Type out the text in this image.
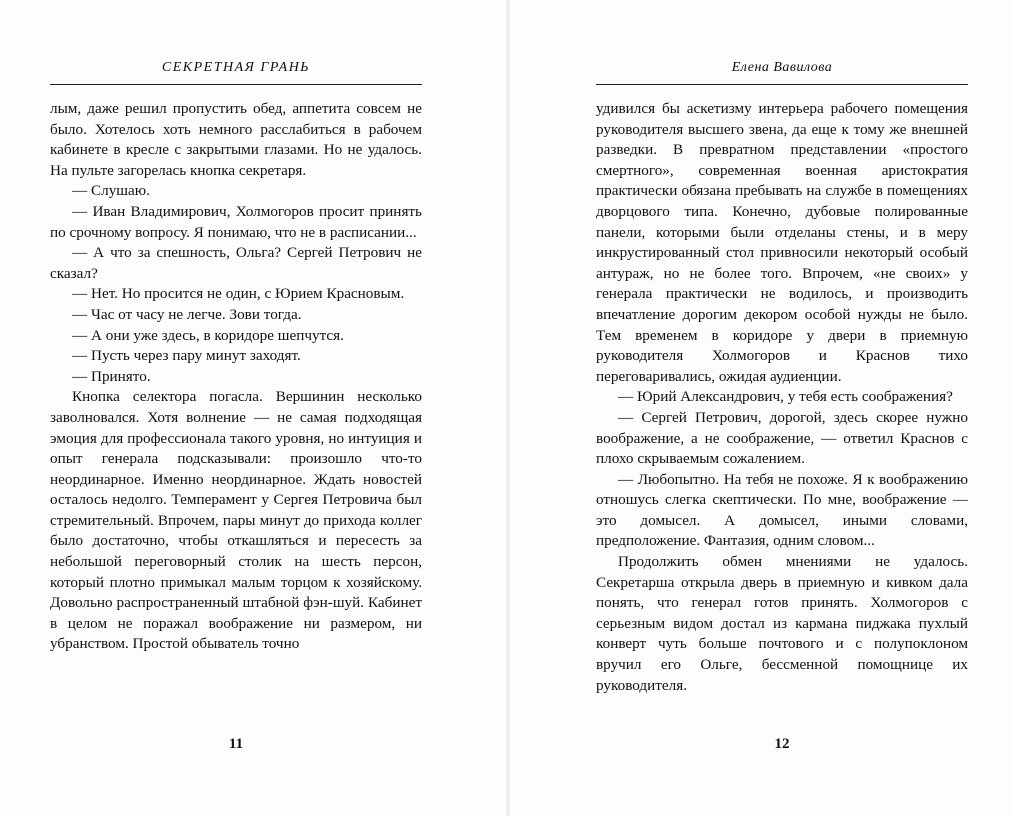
СЕКРЕТНАЯ ГРАНЬ

лым, даже решил пропустить обед, аппетита совсем не было. Хотелось хоть немного расслабиться в рабочем кабинете в кресле с закрытыми глазами. Но не удалось. На пульте загорелась кнопка секретаря.

— Слушаю.

— Иван Владимирович, Холмогоров просит принять по срочному вопросу. Я понимаю, что не в расписании...

— А что за спешность, Ольга? Сергей Петрович не сказал?

— Нет. Но просится не один, с Юрием Красновым.

— Час от часу не легче. Зови тогда.

— А они уже здесь, в коридоре шепчутся.

— Пусть через пару минут заходят.

— Принято.

Кнопка селектора погасла. Вершинин несколько заволновался. Хотя волнение — не самая подходящая эмоция для профессионала такого уровня, но интуиция и опыт генерала подсказывали: произошло что-то неординарное. Именно неординарное. Ждать новостей осталось недолго. Темперамент у Сергея Петровича был стремительный. Впрочем, пары минут до прихода коллег было достаточно, чтобы откашляться и пересесть за небольшой переговорный столик на шесть персон, который плотно примыкал малым торцом к хозяйскому. Довольно распространенный штабной фэн-шуй. Кабинет в целом не поражал воображение ни размером, ни убранством. Простой обыватель точно

11
Елена Вавилова

удивился бы аскетизму интерьера рабочего помещения руководителя высшего звена, да еще к тому же внешней разведки. В превратном представлении «простого смертного», современная военная аристократия практически обязана пребывать на службе в помещениях дворцового типа. Конечно, дубовые полированные панели, которыми были отделаны стены, и в меру инкрустированный стол привносили некоторый особый антураж, но не более того. Впрочем, «не своих» у генерала практически не водилось, и производить впечатление дорогим декором особой нужды не было. Тем временем в коридоре у двери в приемную руководителя Холмогоров и Краснов тихо переговаривались, ожидая аудиенции.

— Юрий Александрович, у тебя есть соображения?

— Сергей Петрович, дорогой, здесь скорее нужно воображение, а не соображение, — ответил Краснов с плохо скрываемым сожалением.

— Любопытно. На тебя не похоже. Я к воображению отношусь слегка скептически. По мне, воображение — это домысел. А домысел, иными словами, предположение. Фантазия, одним словом...

Продолжить обмен мнениями не удалось. Секретарша открыла дверь в приемную и кивком дала понять, что генерал готов принять. Холмогоров с серьезным видом достал из кармана пиджака пухлый конверт чуть больше почтового и с полупоклоном вручил его Ольге, бессменной помощнице их руководителя.

12
